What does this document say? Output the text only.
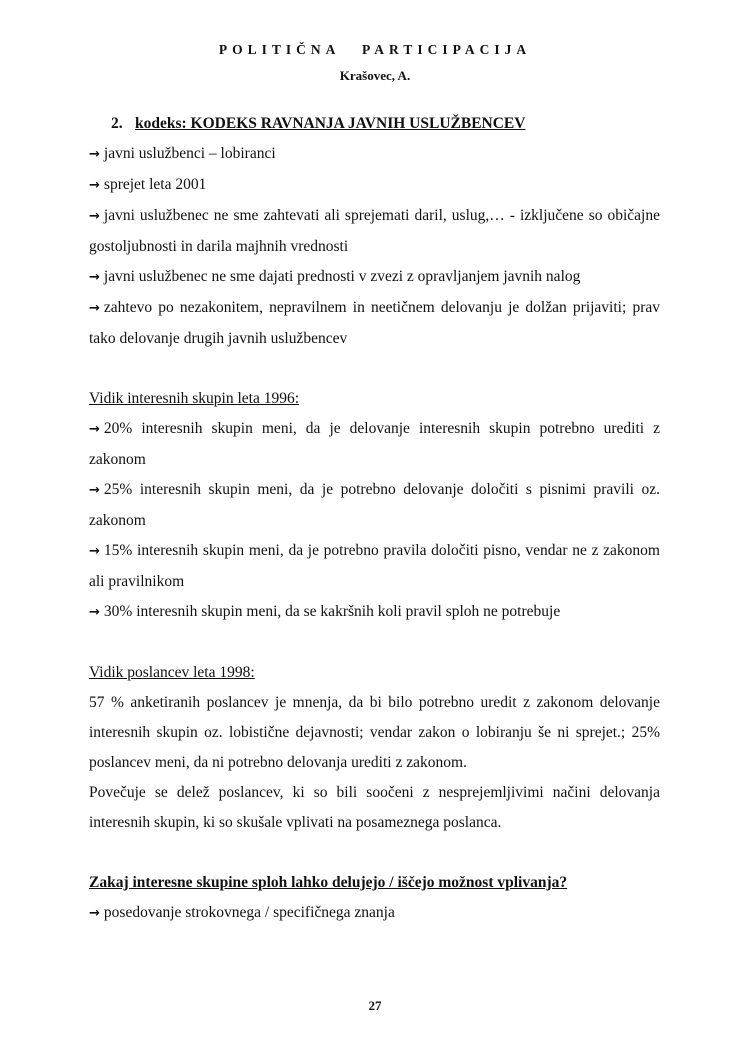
POLITIČNA PARTICIPACIJA
Krašovec, A.

2. kodeks: KODEKS RAVNANJA JAVNIH USLUŽBENCEV

→ javni uslužbenci – lobiranci

→ sprejet leta 2001

→ javni uslužbenec ne sme zahtevati ali sprejemati daril, uslug,… - izključene so običajne gostoljubnosti in darila majhnih vrednosti

→ javni uslužbenec ne sme dajati prednosti v zvezi z opravljanjem javnih nalog

→ zahtevo po nezakonitem, nepravilnem in neetičnem delovanju je dolžan prijaviti; prav tako delovanje drugih javnih uslužbencev

Vidik interesnih skupin leta 1996:

→ 20% interesnih skupin meni, da je delovanje interesnih skupin potrebno urediti z zakonom

→ 25% interesnih skupin meni, da je potrebno delovanje določiti s pisnimi pravili oz. zakonom

→ 15% interesnih skupin meni, da je potrebno pravila določiti pisno, vendar ne z zakonom ali pravilnikom

→ 30% interesnih skupin meni, da se kakršnih koli pravil sploh ne potrebuje

Vidik poslancev leta 1998:

57 % anketiranih poslancev je mnenja, da bi bilo potrebno uredit z zakonom delovanje interesnih skupin oz. lobistične dejavnosti; vendar zakon o lobiranju še ni sprejet.; 25% poslancev meni, da ni potrebno delovanja urediti z zakonom.

Povečuje se delež poslancev, ki so bili soočeni z nesprejemljivimi načini delovanja interesnih skupin, ki so skušale vplivati na posameznega poslanca.

Zakaj interesne skupine sploh lahko delujejo / iščejo možnost vplivanja?

→ posedovanje strokovnega / specifičnega znanja

27
